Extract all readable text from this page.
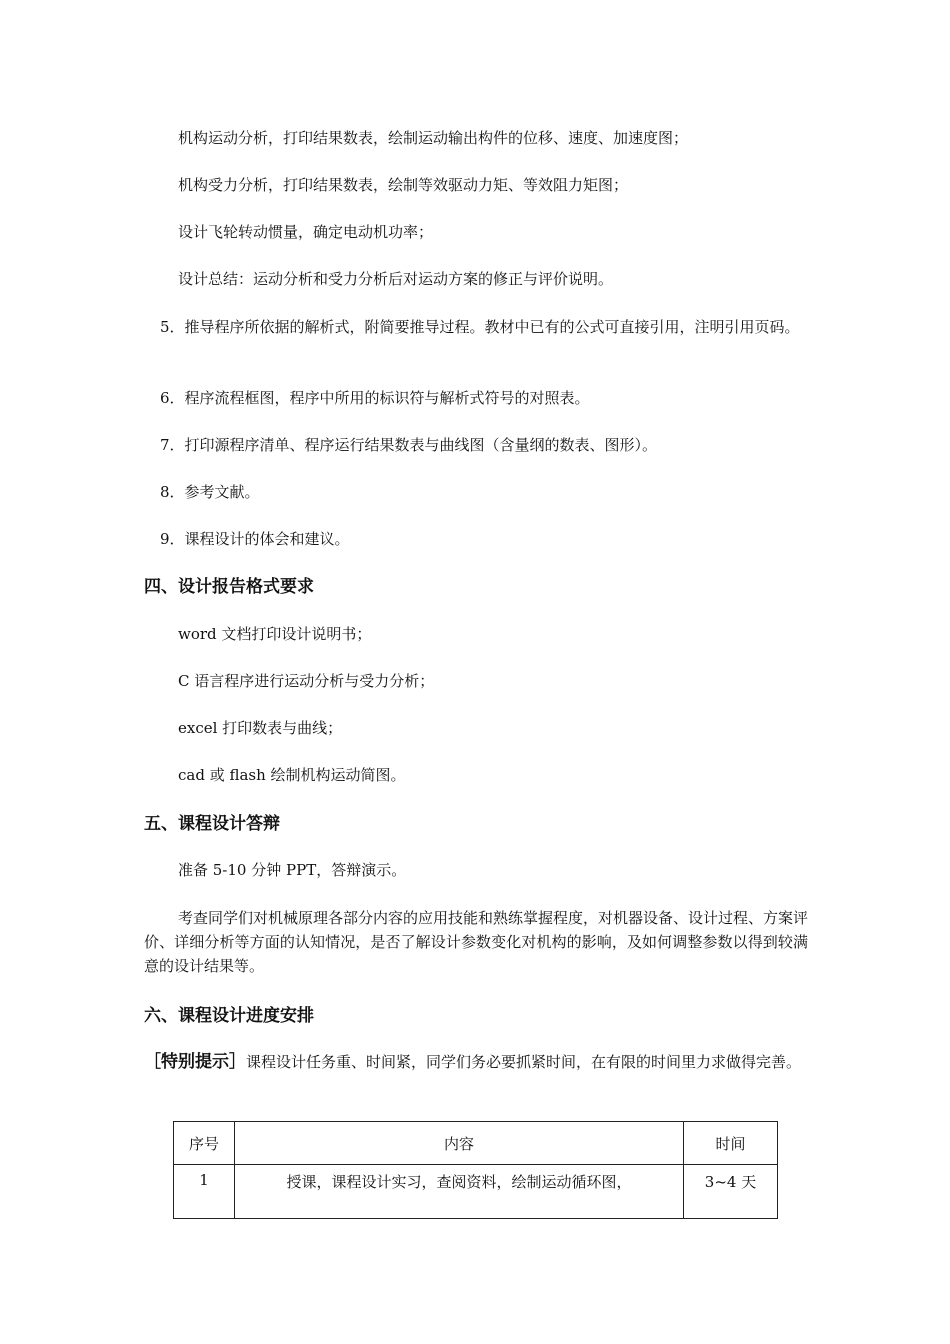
机构运动分析，打印结果数表，绘制运动输出构件的位移、速度、加速度图；
机构受力分析，打印结果数表，绘制等效驱动力矩、等效阻力矩图；
设计飞轮转动惯量，确定电动机功率；
设计总结：运动分析和受力分析后对运动方案的修正与评价说明。
5．推导程序所依据的解析式，附简要推导过程。教材中已有的公式可直接引用，注明引用页码。
6．程序流程框图，程序中所用的标识符与解析式符号的对照表。
7．打印源程序清单、程序运行结果数表与曲线图（含量纲的数表、图形）。
8．参考文献。
9．课程设计的体会和建议。
四、设计报告格式要求
word 文档打印设计说明书；
C 语言程序进行运动分析与受力分析；
excel 打印数表与曲线；
cad 或 flash 绘制机构运动简图。
五、课程设计答辩
准备 5-10 分钟 PPT，答辩演示。
考查同学们对机械原理各部分内容的应用技能和熟练掌握程度，对机器设备、设计过程、方案评价、详细分析等方面的认知情况，是否了解设计参数变化对机构的影响，及如何调整参数以得到较满意的设计结果等。
六、课程设计进度安排
［特别提示］课程设计任务重、时间紧，同学们务必要抓紧时间，在有限的时间里力求做得完善。
序号	内容	时间
1	授课，课程设计实习，查阅资料，绘制运动循环图，	3~4 天
